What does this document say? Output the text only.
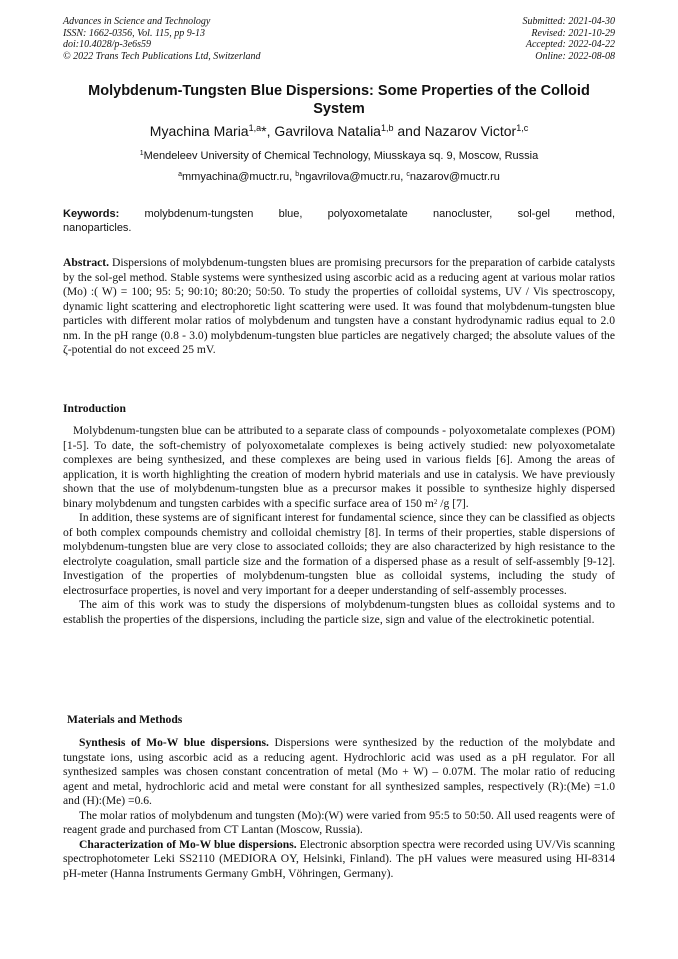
Advances in Science and Technology
ISSN: 1662-0356, Vol. 115, pp 9-13
doi:10.4028/p-3e6s59
© 2022 Trans Tech Publications Ltd, Switzerland
Submitted: 2021-04-30
Revised: 2021-10-29
Accepted: 2022-04-22
Online: 2022-08-08
Molybdenum-Tungsten Blue Dispersions: Some Properties of the Colloid System
Myachina Maria$^{1,a}$*, Gavrilova Natalia$^{1,b}$ and Nazarov Victor$^{1,c}$
$^1$Mendeleev University of Chemical Technology, Miusskaya sq. 9, Moscow, Russia
$^a$mmyachina@muctr.ru, $^b$ngavrilova@muctr.ru, $^c$nazarov@muctr.ru
Keywords: molybdenum-tungsten blue, polyoxometalate nanocluster, sol-gel method,
nanoparticles.

Abstract. Dispersions of molybdenum-tungsten blues are promising precursors for the preparation of carbide catalysts by the sol-gel method. Stable systems were synthesized using ascorbic acid as a reducing agent at various molar ratios (Mo) :( W) = 100; 95: 5; 90:10; 80:20; 50:50. To study the properties of colloidal systems, UV / Vis spectroscopy, dynamic light scattering and electrophoretic light scattering were used. It was found that molybdenum-tungsten blue particles with different molar ratios of molybdenum and tungsten have a constant hydrodynamic radius equal to 2.0 nm. In the pH range (0.8 - 3.0) molybdenum-tungsten blue particles are negatively charged; the absolute values of the ζ-potential do not exceed 25 mV.

Introduction

Molybdenum-tungsten blue can be attributed to a separate class of compounds - polyoxometalate complexes (POM) [1-5]. To date, the soft-chemistry of polyoxometalate complexes is being actively studied: new polyoxometalate complexes are being synthesized, and these complexes are being used in various fields [6]. Among the areas of application, it is worth highlighting the creation of modern hybrid materials and use in catalysis. We have previously shown that the use of molybdenum-tungsten blue as a precursor makes it possible to synthesize highly dispersed binary molybdenum and tungsten carbides with a specific surface area of 150 $m^2$ /g [7].

In addition, these systems are of significant interest for fundamental science, since they can be classified as objects of both complex compounds chemistry and colloidal chemistry [8]. In terms of their properties, stable dispersions of molybdenum-tungsten blue are very close to associated colloids; they are also characterized by high resistance to the electrolyte coagulation, small particle size and the formation of a dispersed phase as a result of self-assembly [9-12]. Investigation of the properties of molybdenum-tungsten blue as colloidal systems, including the study of electrosurface properties, is novel and very important for a deeper understanding of self-assembly processes.

The aim of this work was to study the dispersions of molybdenum-tungsten blues as colloidal systems and to establish the properties of the dispersions, including the particle size, sign and value of the electrokinetic potential.

Materials and Methods

Synthesis of Mo-W blue dispersions. Dispersions were synthesized by the reduction of the molybdate and tungstate ions, using ascorbic acid as a reducing agent. Hydrochloric acid was used as a pH regulator. For all synthesized samples was chosen constant concentration of metal (Mo + W) – 0.07M. The molar ratio of reducing agent and metal, hydrochloric acid and metal were constant for all synthesized samples, respectively (R):(Me) =1.0 and (H):(Me) =0.6.

The molar ratios of molybdenum and tungsten (Mo):(W) were varied from 95:5 to 50:50. All used reagents were of reagent grade and purchased from CT Lantan (Moscow, Russia).

Characterization of Mo-W blue dispersions. Electronic absorption spectra were recorded using UV/Vis scanning spectrophotometer Leki SS2110 (MEDIORA OY, Helsinki, Finland). The pH values were measured using HI-8314 pH-meter (Hanna Instruments Germany GmbH, Vöhringen, Germany).
